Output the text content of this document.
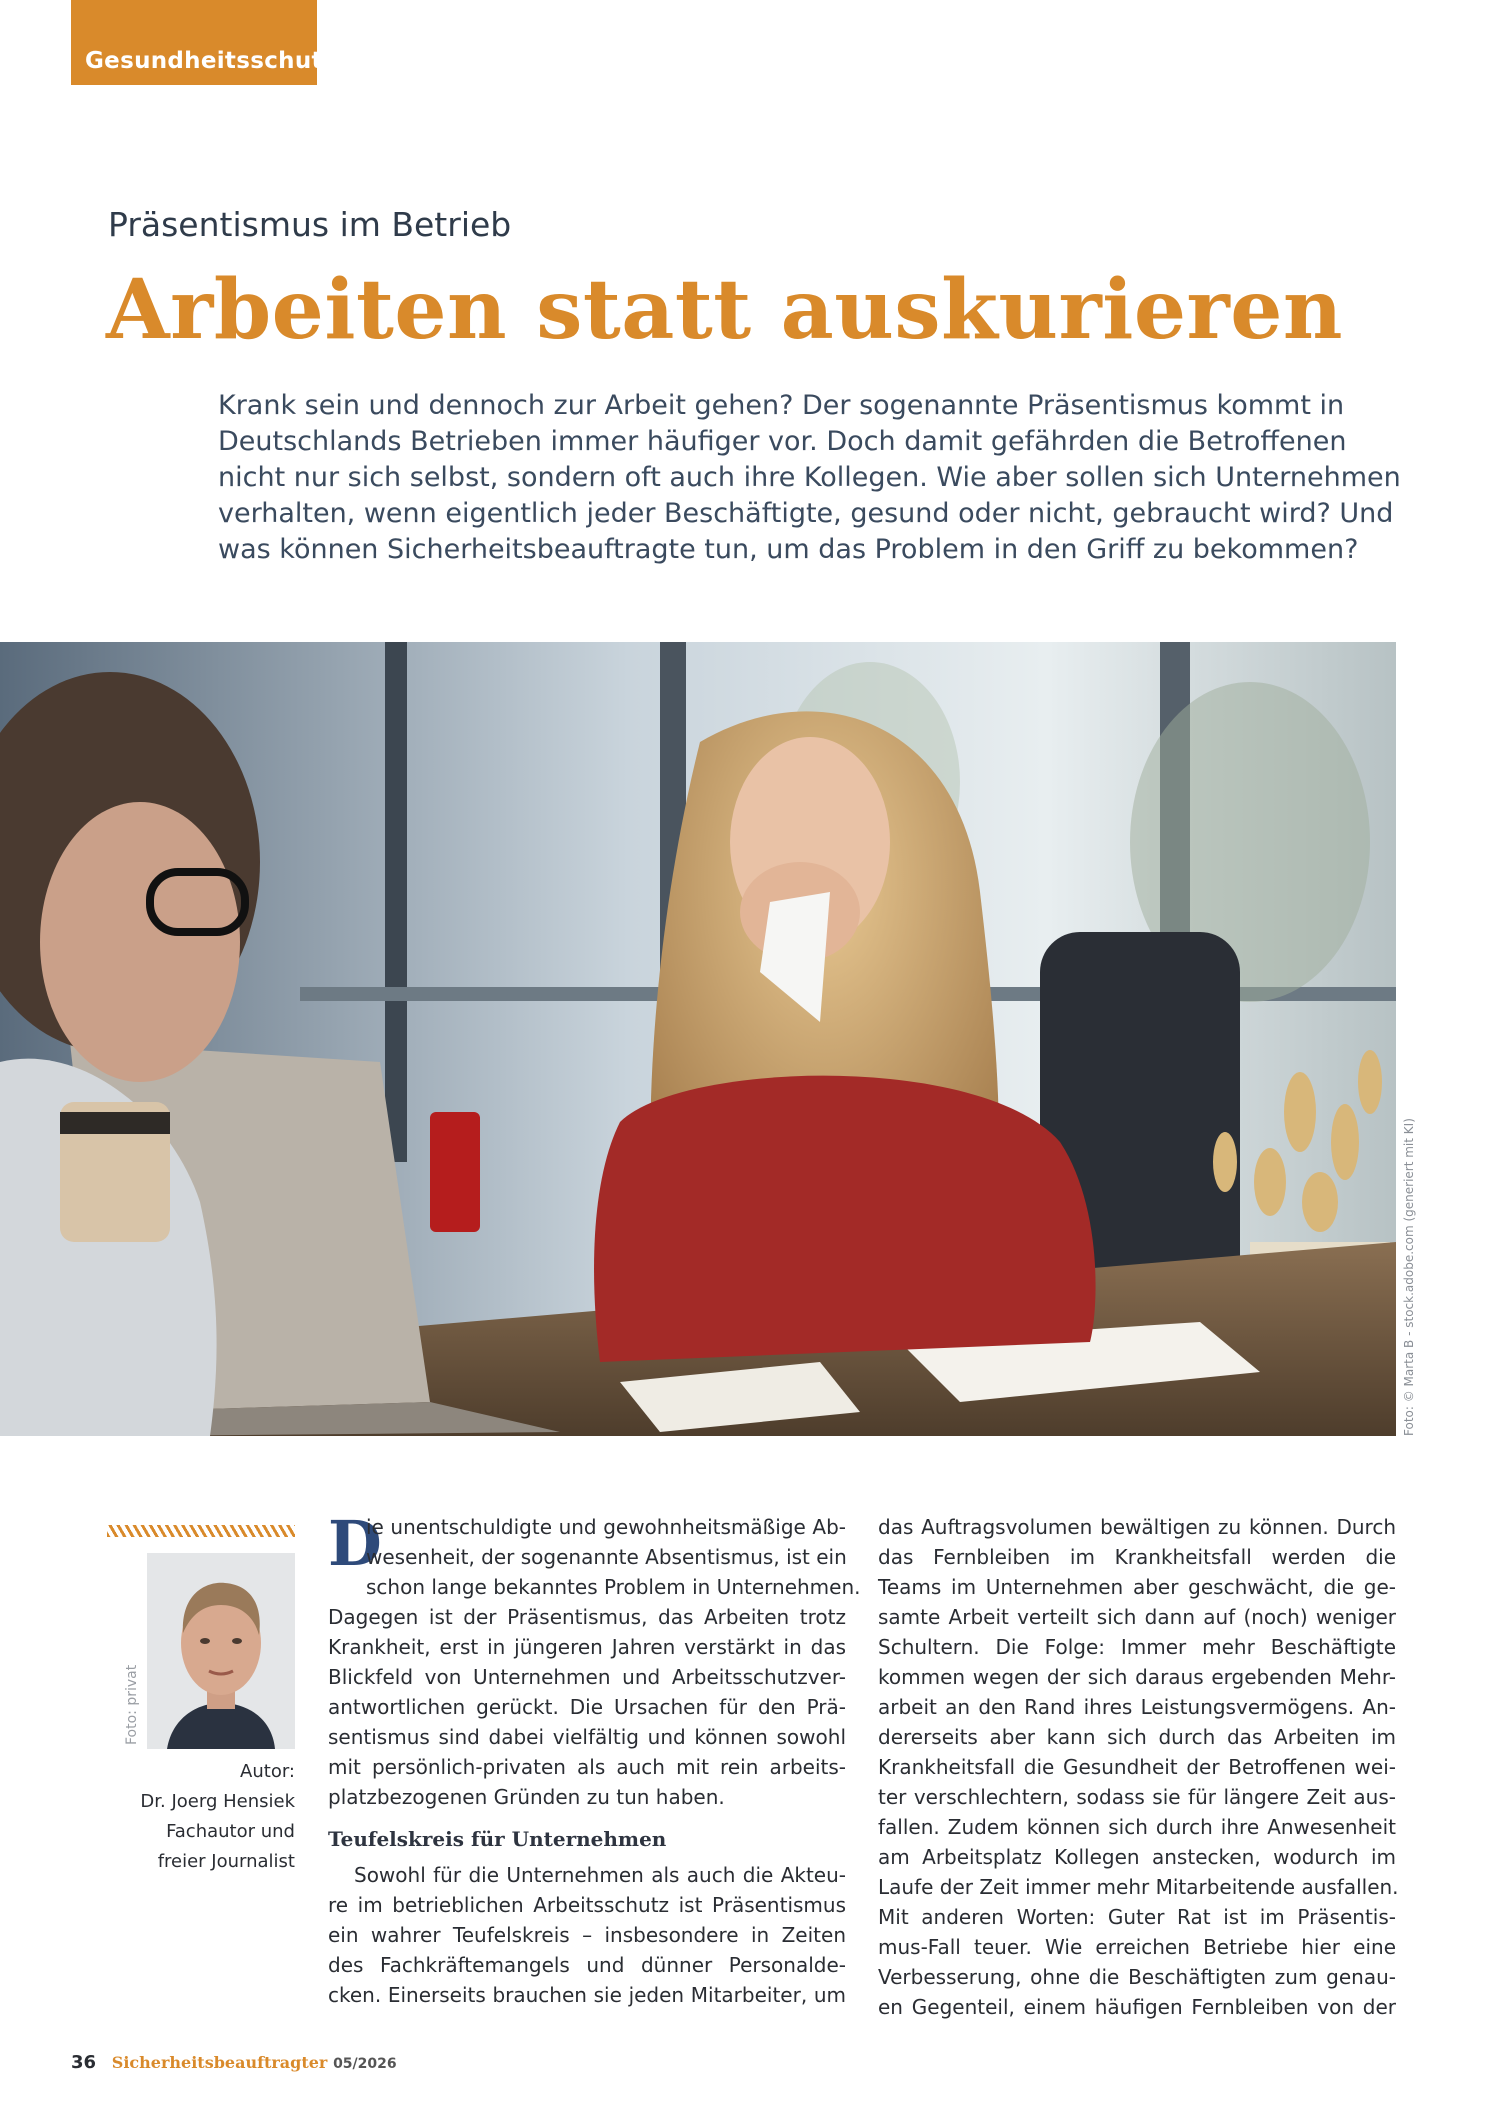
Gesundheitsschutz
Präsentismus im Betrieb
Arbeiten statt auskurieren
Krank sein und dennoch zur Arbeit gehen? Der sogenannte Präsentismus kommt in
Deutschlands Betrieben immer häufiger vor. Doch damit gefährden die Betroffenen
nicht nur sich selbst, sondern oft auch ihre Kollegen. Wie aber sollen sich Unternehmen
verhalten, wenn eigentlich jeder Beschäftigte, gesund oder nicht, gebraucht wird? Und
was können Sicherheitsbeauftragte tun, um das Problem in den Griff zu bekommen?
Foto: © Marta B - stock.adobe.com (generiert mit KI)
Foto: privat
Autor:
Dr. Joerg Hensiek
Fachautor und
freier Journalist
D
ie unentschuldigte und gewohnheitsmäßige Ab-
wesenheit, der sogenannte Absentismus, ist ein
schon lange bekanntes Problem in Unternehmen.
Dagegen ist der Präsentismus, das Arbeiten trotz
Krankheit, erst in jüngeren Jahren verstärkt in das
Blickfeld von Unternehmen und Arbeitsschutzver-
antwortlichen gerückt. Die Ursachen für den Prä-
sentismus sind dabei vielfältig und können sowohl
mit persönlich-privaten als auch mit rein arbeits-
platzbezogenen Gründen zu tun haben.
Teufelskreis für Unternehmen
Sowohl für die Unternehmen als auch die Akteu-
re im betrieblichen Arbeitsschutz ist Präsentismus
ein wahrer Teufelskreis – insbesondere in Zeiten
des Fachkräftemangels und dünner Personalde-
cken. Einerseits brauchen sie jeden Mitarbeiter, um
das Auftragsvolumen bewältigen zu können. Durch
das Fernbleiben im Krankheitsfall werden die
Teams im Unternehmen aber geschwächt, die ge-
samte Arbeit verteilt sich dann auf (noch) weniger
Schultern. Die Folge: Immer mehr Beschäftigte
kommen wegen der sich daraus ergebenden Mehr-
arbeit an den Rand ihres Leistungsvermögens. An-
dererseits aber kann sich durch das Arbeiten im
Krankheitsfall die Gesundheit der Betroffenen wei-
ter verschlechtern, sodass sie für längere Zeit aus-
fallen. Zudem können sich durch ihre Anwesenheit
am Arbeitsplatz Kollegen anstecken, wodurch im
Laufe der Zeit immer mehr Mitarbeitende ausfallen.
Mit anderen Worten: Guter Rat ist im Präsentis-
mus-Fall teuer. Wie erreichen Betriebe hier eine
Verbesserung, ohne die Beschäftigten zum genau-
en Gegenteil, einem häufigen Fernbleiben von der
36 Sicherheitsbeauftragter 05/2026
